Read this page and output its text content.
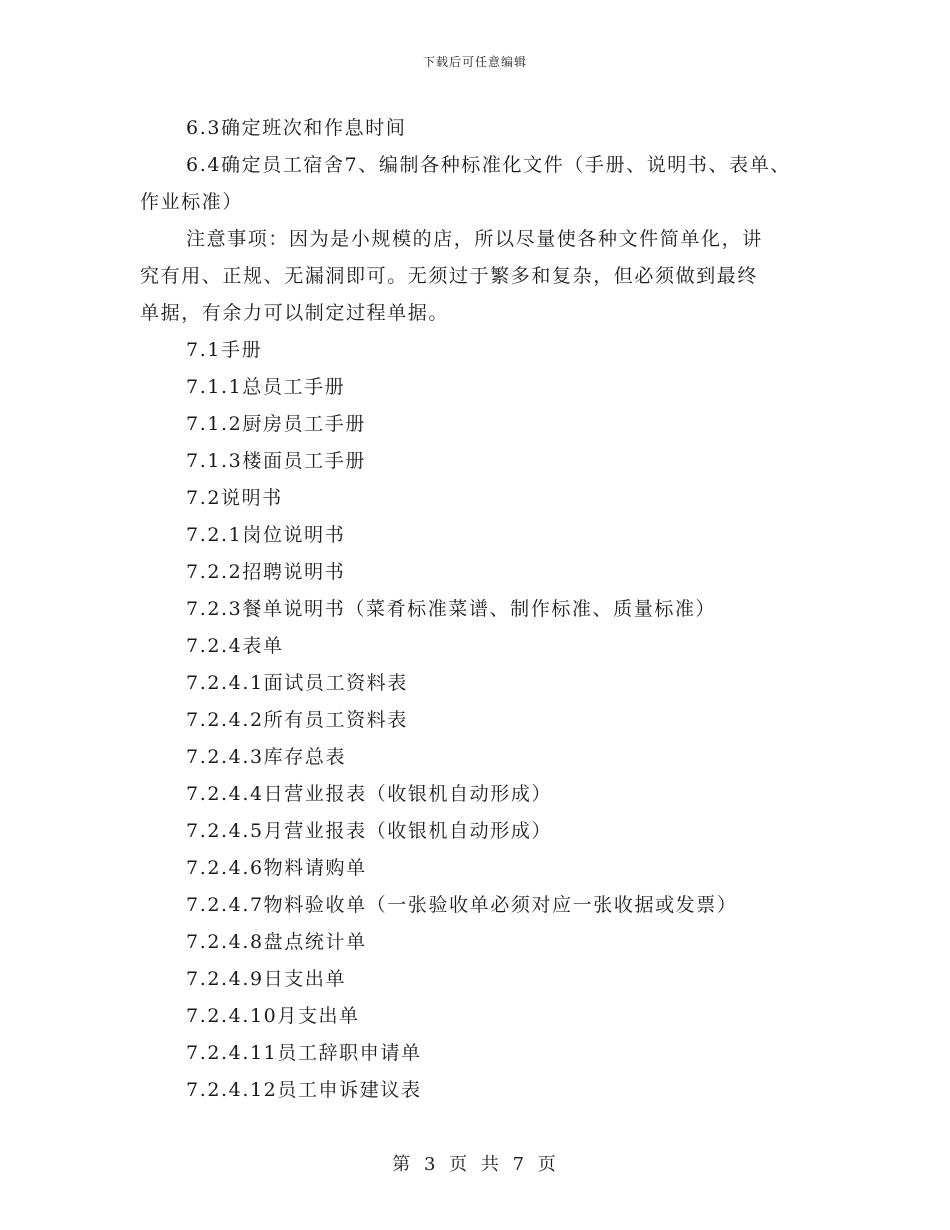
下载后可任意编辑
6.3确定班次和作息时间
6.4确定员工宿舍7、编制各种标准化文件（手册、说明书、表单、
作业标准）
注意事项：因为是小规模的店，所以尽量使各种文件简单化，讲
究有用、正规、无漏洞即可。无须过于繁多和复杂，但必须做到最终
单据，有余力可以制定过程单据。
7.1手册
7.1.1总员工手册
7.1.2厨房员工手册
7.1.3楼面员工手册
7.2说明书
7.2.1岗位说明书
7.2.2招聘说明书
7.2.3餐单说明书（菜肴标准菜谱、制作标准、质量标准）
7.2.4表单
7.2.4.1面试员工资料表
7.2.4.2所有员工资料表
7.2.4.3库存总表
7.2.4.4日营业报表（收银机自动形成）
7.2.4.5月营业报表（收银机自动形成）
7.2.4.6物料请购单
7.2.4.7物料验收单（一张验收单必须对应一张收据或发票）
7.2.4.8盘点统计单
7.2.4.9日支出单
7.2.4.10月支出单
7.2.4.11员工辞职申请单
7.2.4.12员工申诉建议表
第 3 页 共 7 页
